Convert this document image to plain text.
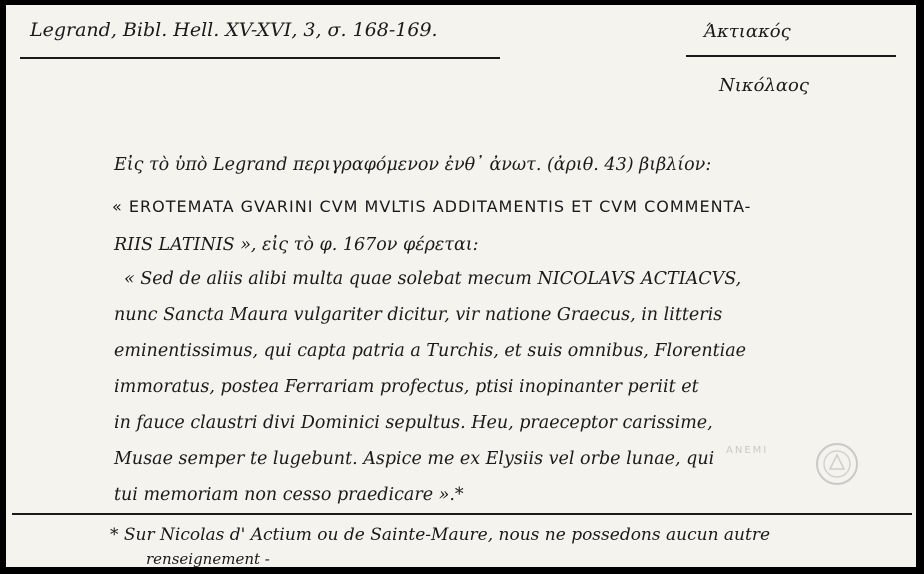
Legrand, Bibl. Hell. XV-XVI, 3, σ. 168-169.	Άκτιακός
Νικόλαος
Εἰς τὸ ὑπὸ Legrand περιγραφόμενον ἐνθ᾽ ἀνωτ. (ἀριθ. 43) βιβλίον:
« EROTEMATA GVARINI CVM MVLTIS ADDITAMENTIS ET CVM COMMENTA-
RIIS LATINIS », εἰς τὸ φ. 167ον φέρεται:
« Sed de aliis alibi multa quae solebat mecum NICOLAVS ACTIACVS,
nunc Sancta Maura vulgariter dicitur, vir natione Graecus, in litteris
eminentissimus, qui capta patria a Turchis, et suis omnibus, Florentiae
immoratus, postea Ferrariam profectus, ptisi inopinanter periit et
in fauce claustri divi Dominici sepultus. Heu, praeceptor carissime,
Musae semper te lugebunt. Aspice me ex Elysiis vel orbe lunae, qui
tui memoriam non cesso praedicare ».*
ANEMI
* Sur Nicolas d' Actium ou de Sainte-Maure, nous ne possedons aucun autre
renseignement -
